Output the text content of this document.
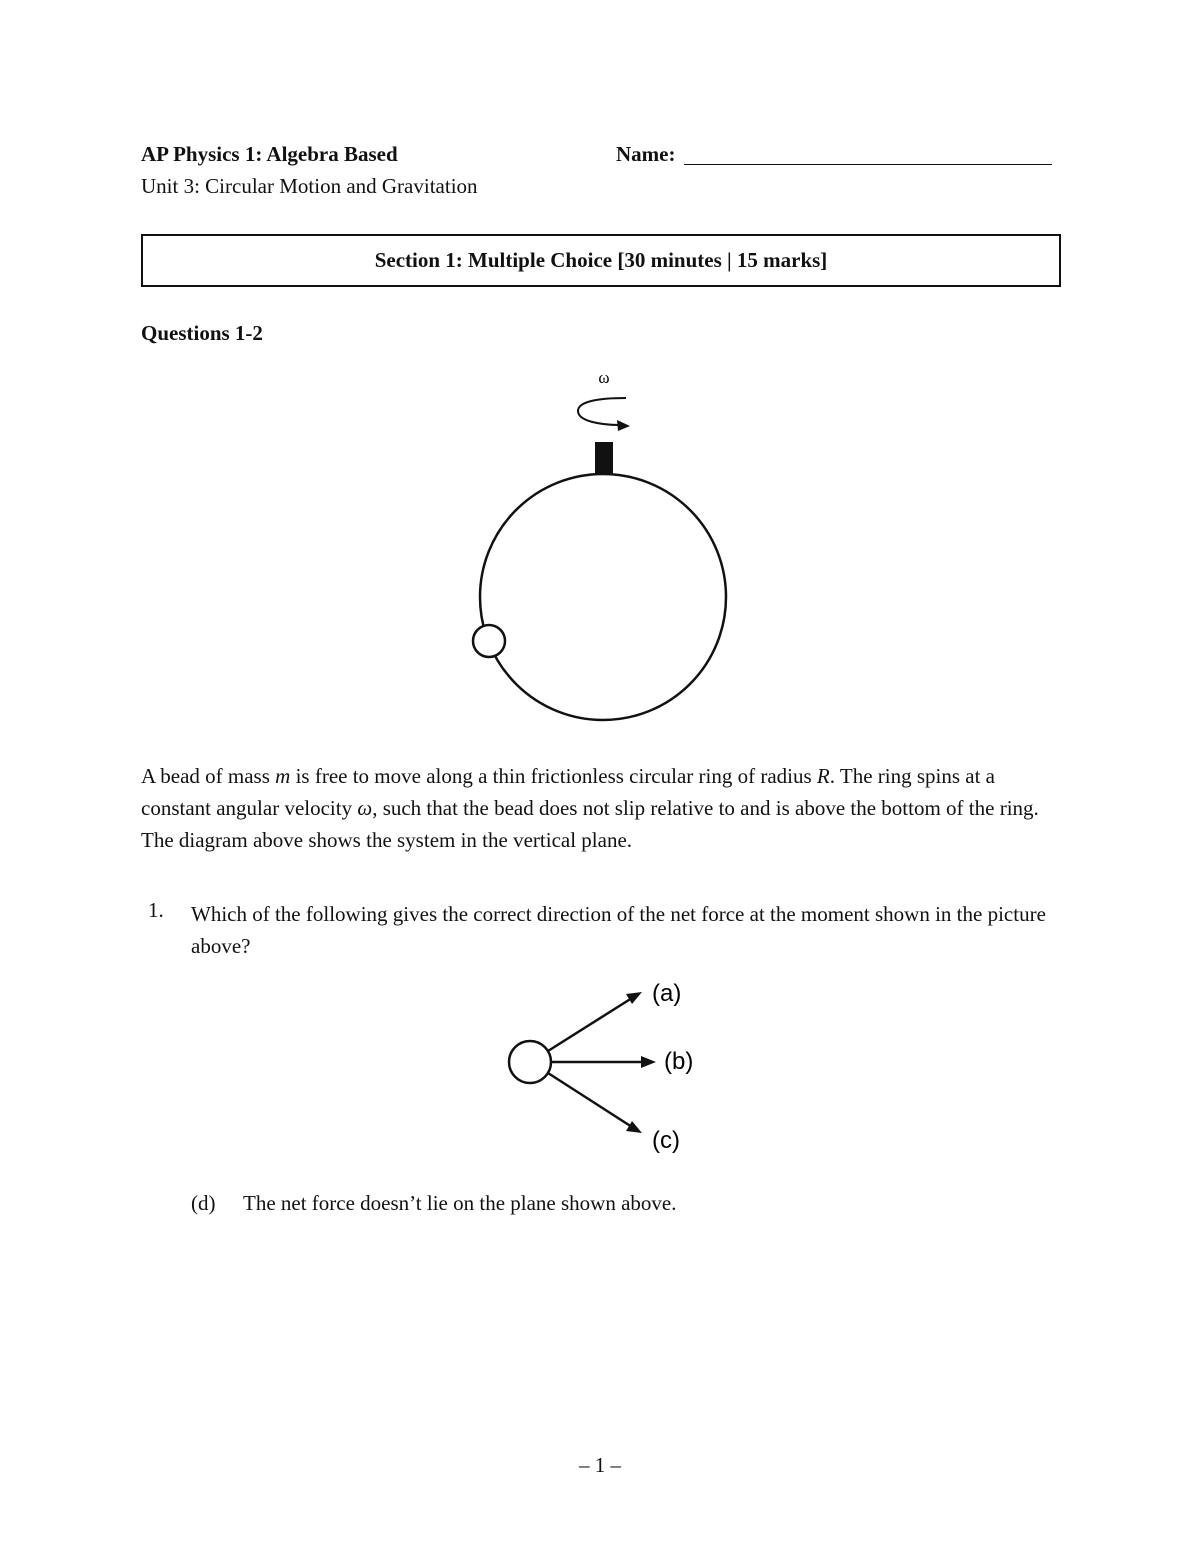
AP Physics 1: Algebra Based
Unit 3: Circular Motion and Gravitation
Name:
Section 1: Multiple Choice [30 minutes | 15 marks]
Questions 1-2
ω
(a)
(b)
(c)
A bead of mass m is free to move along a thin frictionless circular ring of radius R. The ring spins at a constant angular velocity ω, such that the bead does not slip relative to and is above the bottom of the ring. The diagram above shows the system in the vertical plane.
1. Which of the following gives the correct direction of the net force at the moment shown in the picture above?
(d) The net force doesn’t lie on the plane shown above.
– 1 –
